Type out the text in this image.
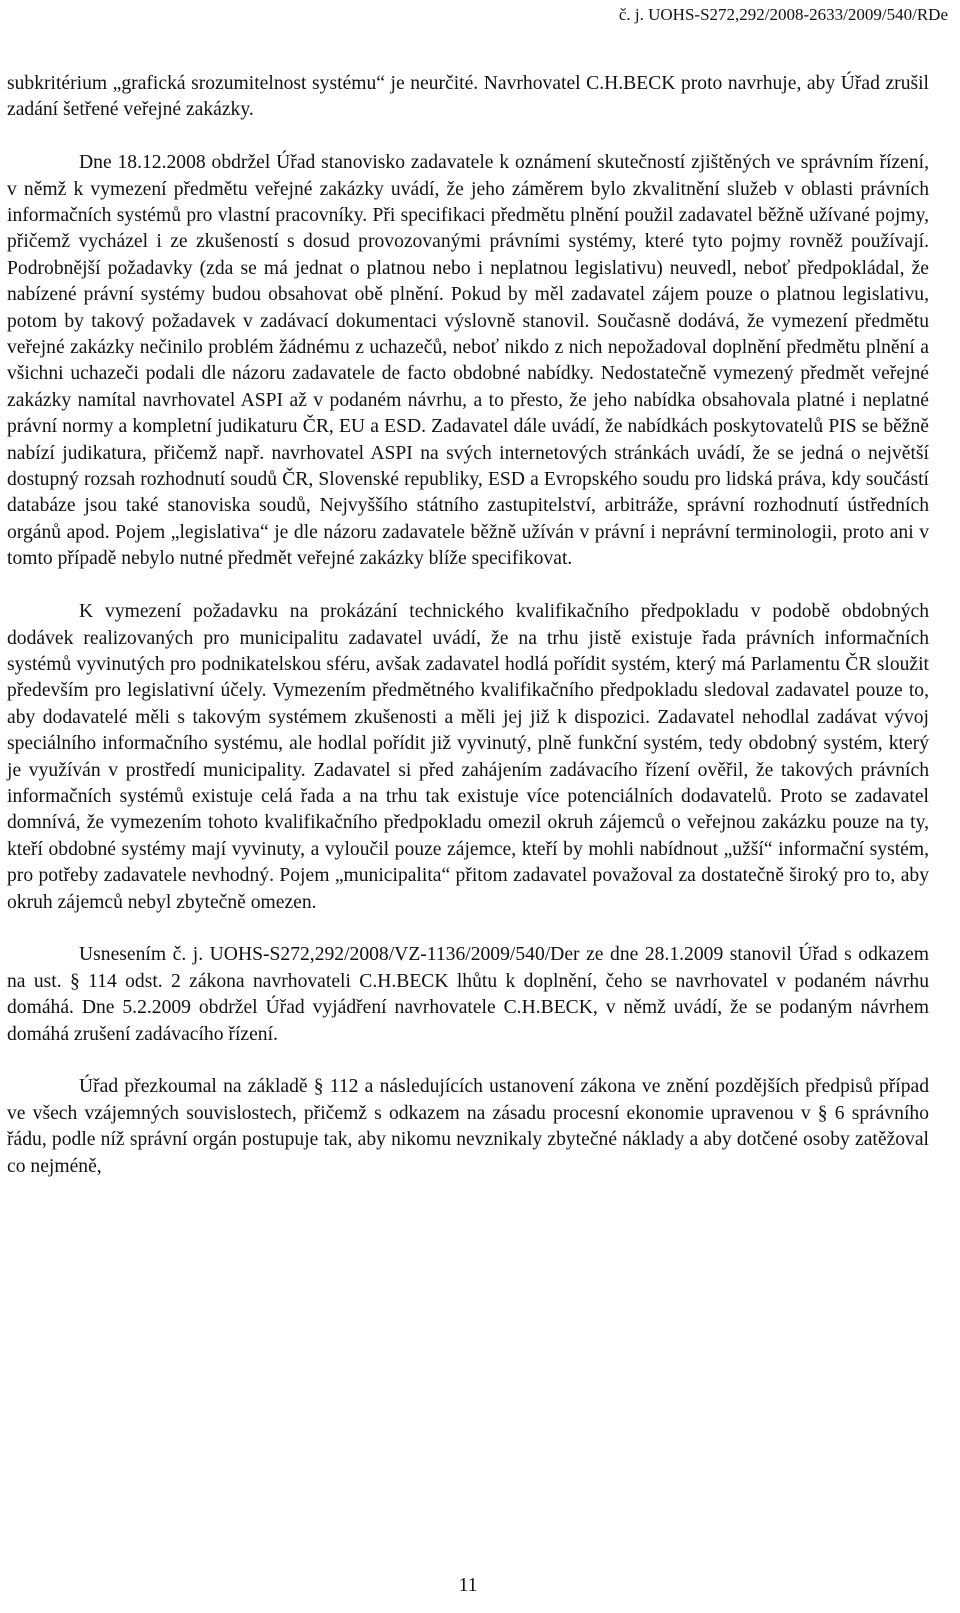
č. j. UOHS-S272,292/2008-2633/2009/540/RDe

subkritérium „grafická srozumitelnost systému“ je neurčité. Navrhovatel C.H.BECK proto navrhuje, aby Úřad zrušil zadání šetřené veřejné zakázky.

Dne 18.12.2008 obdržel Úřad stanovisko zadavatele k oznámení skutečností zjištěných ve správním řízení, v němž k vymezení předmětu veřejné zakázky uvádí, že jeho záměrem bylo zkvalitnění služeb v oblasti právních informačních systémů pro vlastní pracovníky. Při specifikaci předmětu plnění použil zadavatel běžně užívané pojmy, přičemž vycházel i ze zkušeností s dosud provozovanými právními systémy, které tyto pojmy rovněž používají. Podrobnější požadavky (zda se má jednat o platnou nebo i neplatnou legislativu) neuvedl, neboť předpokládal, že nabízené právní systémy budou obsahovat obě plnění. Pokud by měl zadavatel zájem pouze o platnou legislativu, potom by takový požadavek v zadávací dokumentaci výslovně stanovil. Současně dodává, že vymezení předmětu veřejné zakázky nečinilo problém žádnému z uchazečů, neboť nikdo z nich nepožadoval doplnění předmětu plnění a všichni uchazeči podali dle názoru zadavatele de facto obdobné nabídky. Nedostatečně vymezený předmět veřejné zakázky namítal navrhovatel ASPI až v podaném návrhu, a to přesto, že jeho nabídka obsahovala platné i neplatné právní normy a kompletní judikaturu ČR, EU a ESD. Zadavatel dále uvádí, že nabídkách poskytovatelů PIS se běžně nabízí judikatura, přičemž např. navrhovatel ASPI na svých internetových stránkách uvádí, že se jedná o největší dostupný rozsah rozhodnutí soudů ČR, Slovenské republiky, ESD a Evropského soudu pro lidská práva, kdy součástí databáze jsou také stanoviska soudů, Nejvyššího státního zastupitelství, arbitráže, správní rozhodnutí ústředních orgánů apod. Pojem „legislativa“ je dle názoru zadavatele běžně užíván v právní i neprávní terminologii, proto ani v tomto případě nebylo nutné předmět veřejné zakázky blíže specifikovat.

K vymezení požadavku na prokázání technického kvalifikačního předpokladu v podobě obdobných dodávek realizovaných pro municipalitu zadavatel uvádí, že na trhu jistě existuje řada právních informačních systémů vyvinutých pro podnikatelskou sféru, avšak zadavatel hodlá pořídit systém, který má Parlamentu ČR sloužit především pro legislativní účely. Vymezením předmětného kvalifikačního předpokladu sledoval zadavatel pouze to, aby dodavatelé měli s takovým systémem zkušenosti a měli jej již k dispozici. Zadavatel nehodlal zadávat vývoj speciálního informačního systému, ale hodlal pořídit již vyvinutý, plně funkční systém, tedy obdobný systém, který je využíván v prostředí municipality. Zadavatel si před zahájením zadávacího řízení ověřil, že takových právních informačních systémů existuje celá řada a na trhu tak existuje více potenciálních dodavatelů. Proto se zadavatel domnívá, že vymezením tohoto kvalifikačního předpokladu omezil okruh zájemců o veřejnou zakázku pouze na ty, kteří obdobné systémy mají vyvinuty, a vyloučil pouze zájemce, kteří by mohli nabídnout „užší“ informační systém, pro potřeby zadavatele nevhodný. Pojem „municipalita“ přitom zadavatel považoval za dostatečně široký pro to, aby okruh zájemců nebyl zbytečně omezen.

Usnesením č. j. UOHS-S272,292/2008/VZ-1136/2009/540/Der ze dne 28.1.2009 stanovil Úřad s odkazem na ust. § 114 odst. 2 zákona navrhovateli C.H.BECK lhůtu k doplnění, čeho se navrhovatel v podaném návrhu domáhá. Dne 5.2.2009 obdržel Úřad vyjádření navrhovatele C.H.BECK, v němž uvádí, že se podaným návrhem domáhá zrušení zadávacího řízení.

Úřad přezkoumal na základě § 112 a následujících ustanovení zákona ve znění pozdějších předpisů případ ve všech vzájemných souvislostech, přičemž s odkazem na zásadu procesní ekonomie upravenou v § 6 správního řádu, podle níž správní orgán postupuje tak, aby nikomu nevznikaly zbytečné náklady a aby dotčené osoby zatěžoval co nejméně,

11
